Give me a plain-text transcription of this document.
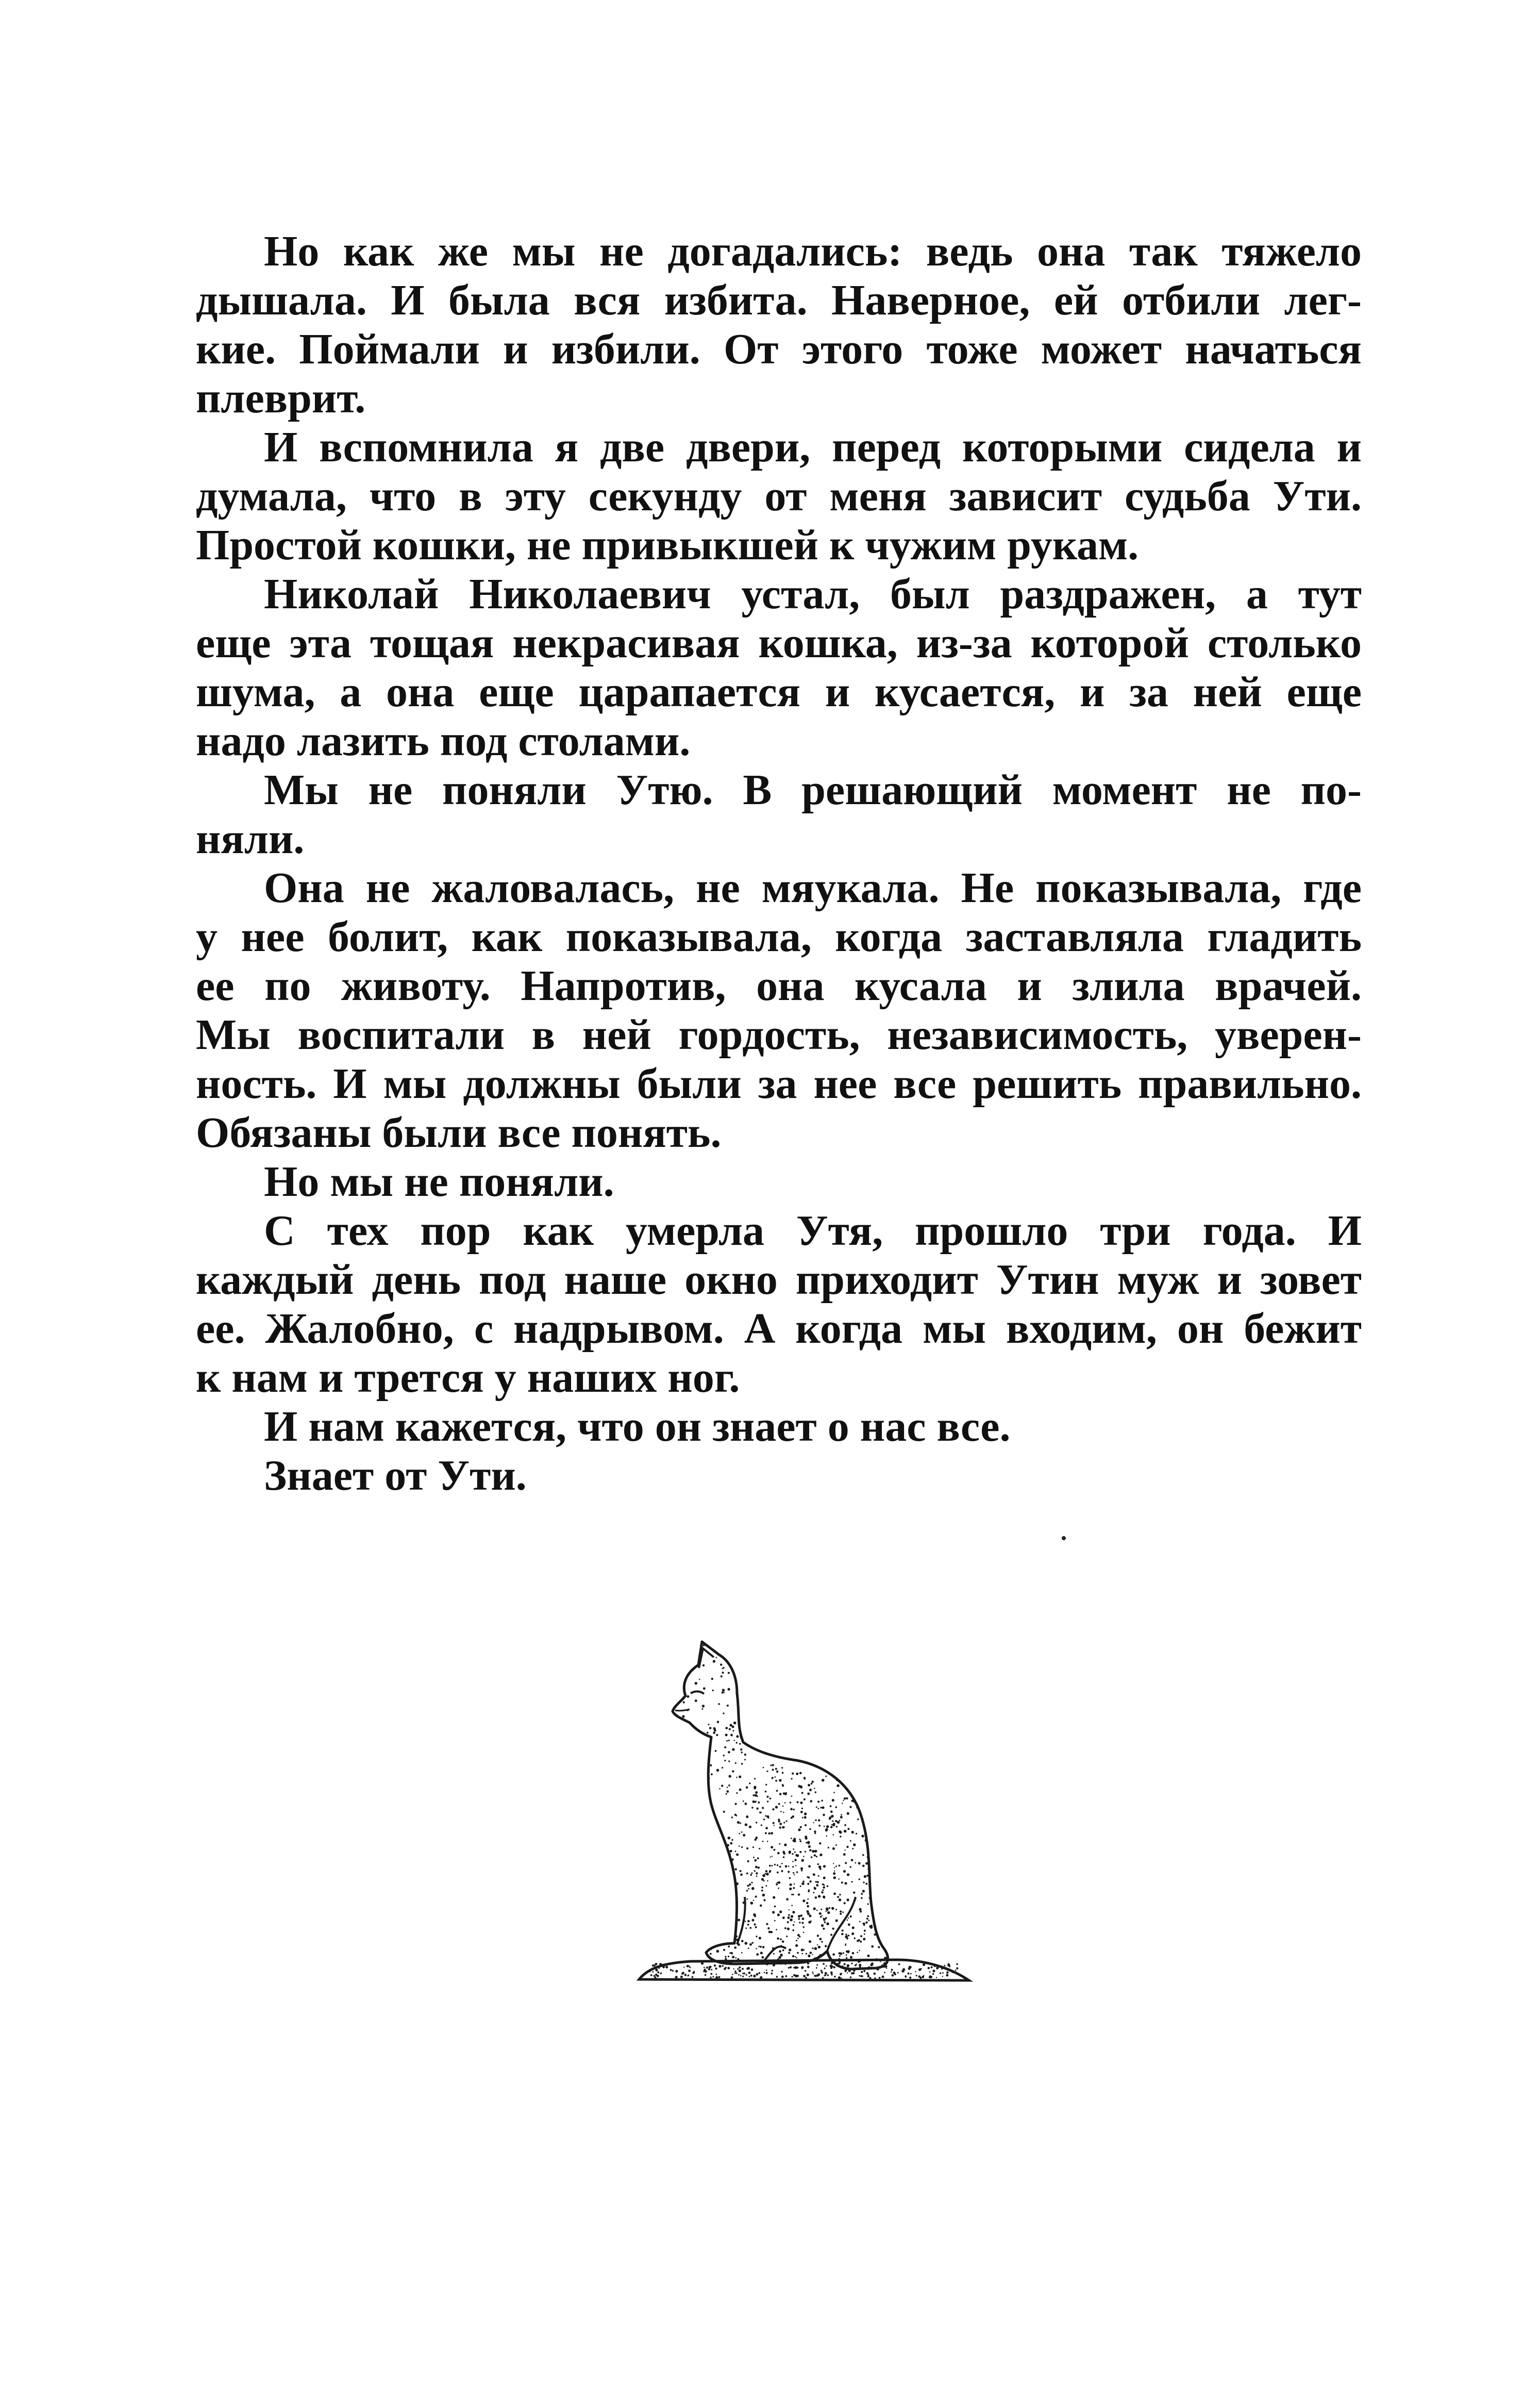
Но как же мы не догадались: ведь она так тяжело
дышала. И была вся избита. Наверное, ей отбили лег-
кие. Поймали и избили. От этого тоже может начаться
плеврит.
И вспомнила я две двери, перед которыми сидела и
думала, что в эту секунду от меня зависит судьба Ути.
Простой кошки, не привыкшей к чужим рукам.
Николай Николаевич устал, был раздражен, а тут
еще эта тощая некрасивая кошка, из-за которой столько
шума, а она еще царапается и кусается, и за ней еще
надо лазить под столами.
Мы не поняли Утю. В решающий момент не по-
няли.
Она не жаловалась, не мяукала. Не показывала, где
у нее болит, как показывала, когда заставляла гладить
ее по животу. Напротив, она кусала и злила врачей.
Мы воспитали в ней гордость, независимость, уверен-
ность. И мы должны были за нее все решить правильно.
Обязаны были все понять.
Но мы не поняли.
С тех пор как умерла Утя, прошло три года. И
каждый день под наше окно приходит Утин муж и зовет
ее. Жалобно, с надрывом. А когда мы входим, он бежит
к нам и трется у наших ног.
И нам кажется, что он знает о нас все.
Знает от Ути.
